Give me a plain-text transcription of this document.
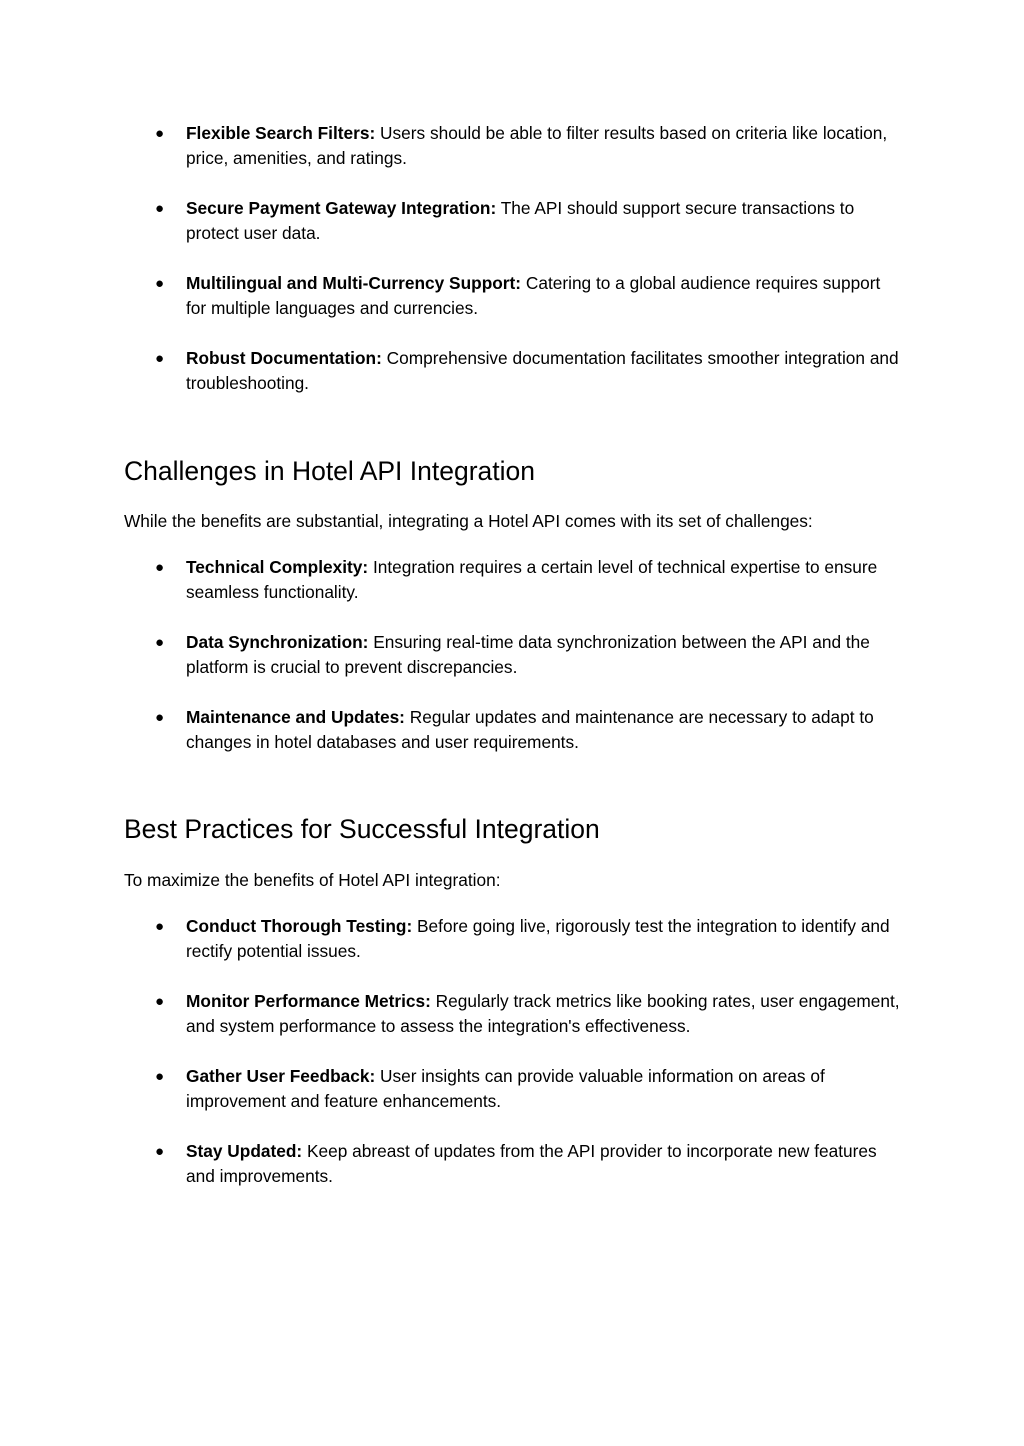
● Flexible Search Filters: Users should be able to filter results based on criteria like location, price, amenities, and ratings.
● Secure Payment Gateway Integration: The API should support secure transactions to protect user data.
● Multilingual and Multi-Currency Support: Catering to a global audience requires support for multiple languages and currencies.
● Robust Documentation: Comprehensive documentation facilitates smoother integration and troubleshooting.
Challenges in Hotel API Integration

While the benefits are substantial, integrating a Hotel API comes with its set of challenges:

● Technical Complexity: Integration requires a certain level of technical expertise to ensure seamless functionality.
● Data Synchronization: Ensuring real-time data synchronization between the API and the platform is crucial to prevent discrepancies.
● Maintenance and Updates: Regular updates and maintenance are necessary to adapt to changes in hotel databases and user requirements.
Best Practices for Successful Integration

To maximize the benefits of Hotel API integration:

● Conduct Thorough Testing: Before going live, rigorously test the integration to identify and rectify potential issues.
● Monitor Performance Metrics: Regularly track metrics like booking rates, user engagement, and system performance to assess the integration's effectiveness.
● Gather User Feedback: User insights can provide valuable information on areas of improvement and feature enhancements.
● Stay Updated: Keep abreast of updates from the API provider to incorporate new features and improvements.
